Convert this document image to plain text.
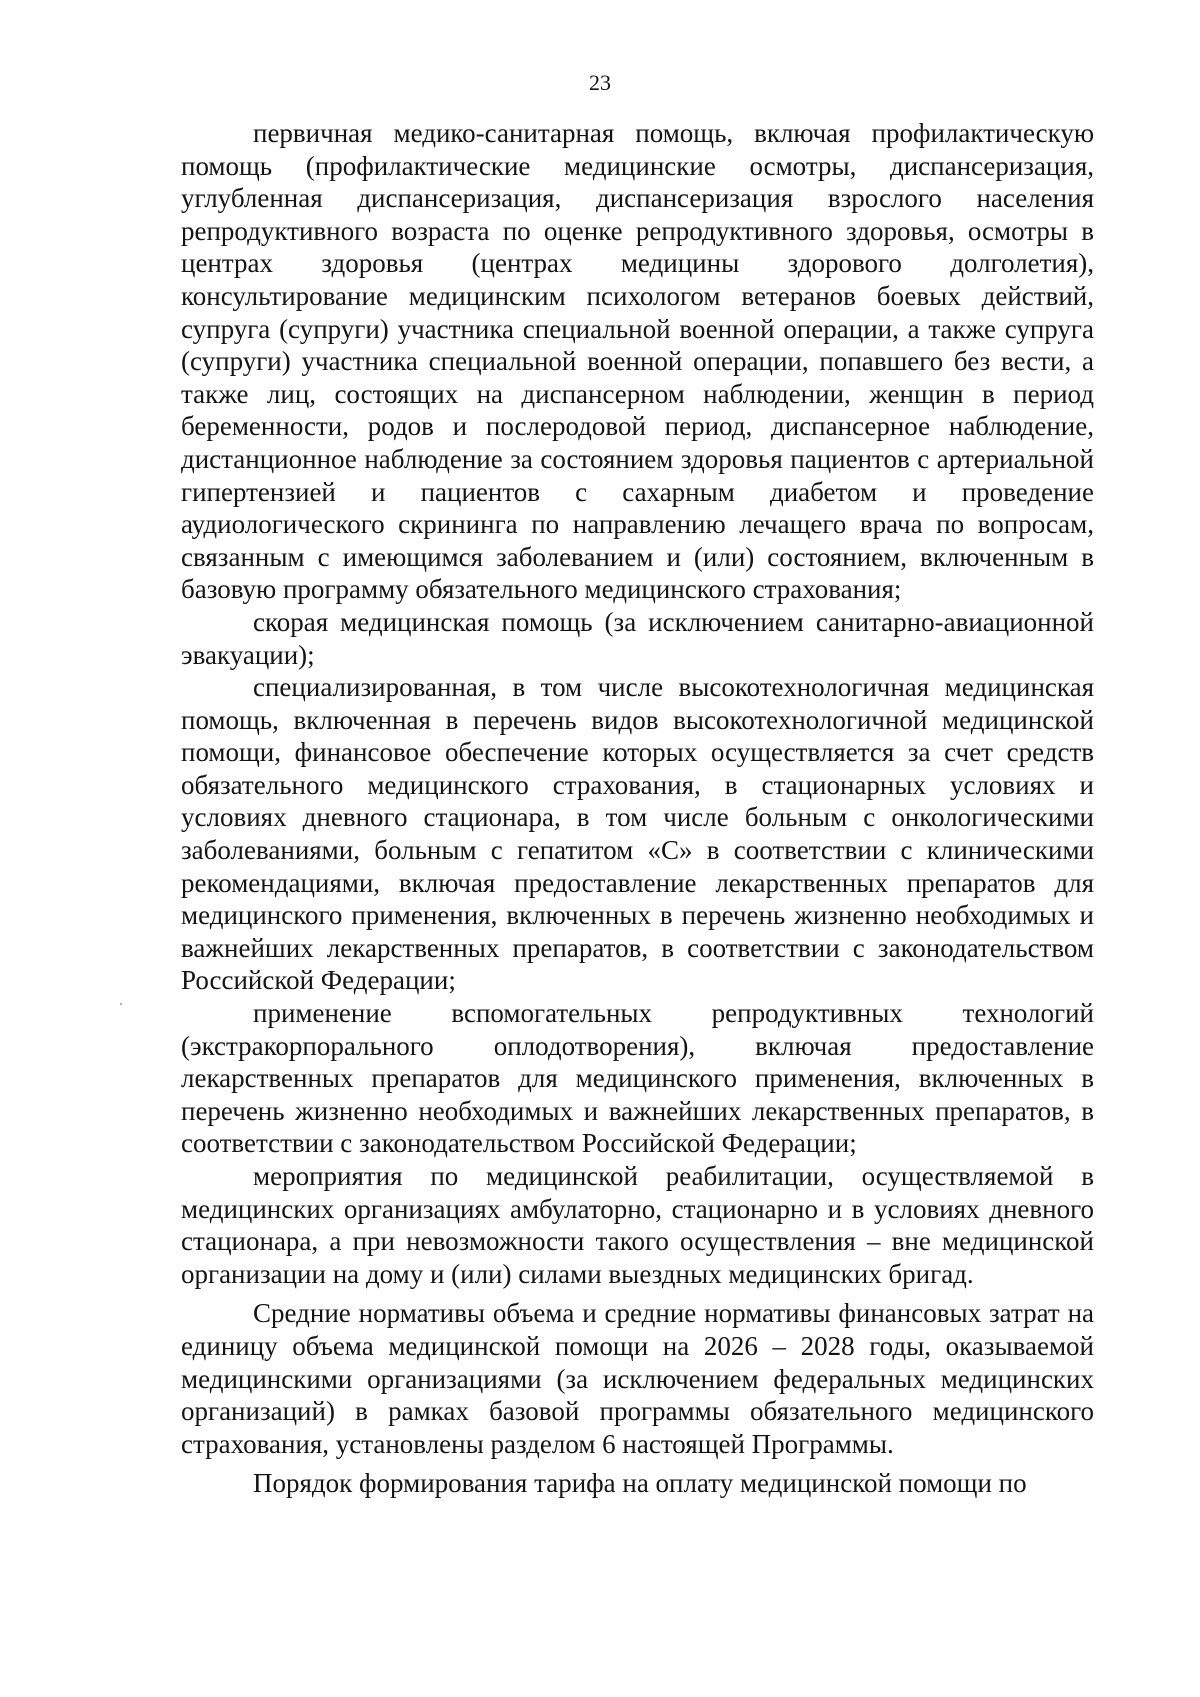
23

первичная медико-санитарная помощь, включая профилактическую помощь (профилактические медицинские осмотры, диспансеризация, углубленная диспансеризация, диспансеризация взрослого населения репродуктивного возраста по оценке репродуктивного здоровья, осмотры в центрах здоровья (центрах медицины здорового долголетия), консультирование медицинским психологом ветеранов боевых действий, супруга (супруги) участника специальной военной операции, а также супруга (супруги) участника специальной военной операции, попавшего без вести, а также лиц, состоящих на диспансерном наблюдении, женщин в период беременности, родов и послеродовой период, диспансерное наблюдение, дистанционное наблюдение за состоянием здоровья пациентов с артериальной гипертензией и пациентов с сахарным диабетом и проведение аудиологического скрининга по направлению лечащего врача по вопросам, связанным с имеющимся заболеванием и (или) состоянием, включенным в базовую программу обязательного медицинского страхования;

скорая медицинская помощь (за исключением санитарно-авиационной эвакуации);

специализированная, в том числе высокотехнологичная медицинская помощь, включенная в перечень видов высокотехнологичной медицинской помощи, финансовое обеспечение которых осуществляется за счет средств обязательного медицинского страхования, в стационарных условиях и условиях дневного стационара, в том числе больным с онкологическими заболеваниями, больным с гепатитом «С» в соответствии с клиническими рекомендациями, включая предоставление лекарственных препаратов для медицинского применения, включенных в перечень жизненно необходимых и важнейших лекарственных препаратов, в соответствии с законодательством Российской Федерации;

применение вспомогательных репродуктивных технологий (экстракорпорального оплодотворения), включая предоставление лекарственных препаратов для медицинского применения, включенных в перечень жизненно необходимых и важнейших лекарственных препаратов, в соответствии с законодательством Российской Федерации;

мероприятия по медицинской реабилитации, осуществляемой в медицинских организациях амбулаторно, стационарно и в условиях дневного стационара, а при невозможности такого осуществления – вне медицинской организации на дому и (или) силами выездных медицинских бригад.

Средние нормативы объема и средние нормативы финансовых затрат на единицу объема медицинской помощи на 2026 – 2028 годы, оказываемой медицинскими организациями (за исключением федеральных медицинских организаций) в рамках базовой программы обязательного медицинского страхования, установлены разделом 6 настоящей Программы.

Порядок формирования тарифа на оплату медицинской помощи по
